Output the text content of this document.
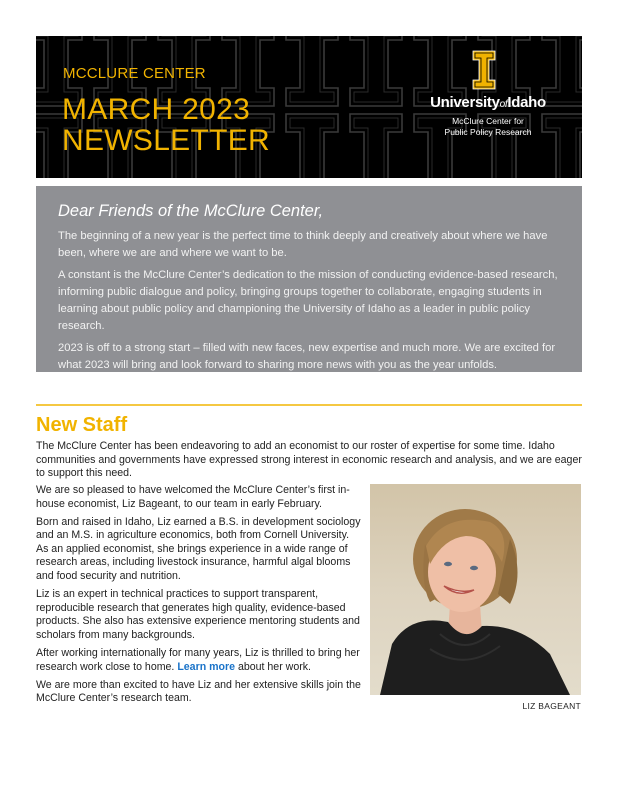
MCCLURE CENTER
MARCH 2023
NEWSLETTER
UniversityofIdaho
McClure Center for
Public Policy Research
Dear Friends of the McClure Center,

The beginning of a new year is the perfect time to think deeply and creatively about where we have been, where we are and where we want to be.

A constant is the McClure Center’s dedication to the mission of conducting evidence-based research, informing public dialogue and policy, bringing groups together to collaborate, engaging students in learning about public policy and championing the University of Idaho as a leader in public policy research.

2023 is off to a strong start – filled with new faces, new expertise and much more. We are excited for what 2023 will bring and look forward to sharing more news with you as the year unfolds.

New Staff
The McClure Center has been endeavoring to add an economist to our roster of expertise for some time. Idaho communities and governments have expressed strong interest in economic research and analysis, and we are eager to support this need.

We are so pleased to have welcomed the McClure Center’s first in-house economist, Liz Bageant, to our team in early February.

Born and raised in Idaho, Liz earned a B.S. in development sociology and an M.S. in agriculture economics, both from Cornell University. As an applied economist, she brings experience in a wide range of research areas, including livestock insurance, harmful algal blooms and food security and nutrition.

Liz is an expert in technical practices to support transparent, reproducible research that generates high quality, evidence-based products. She also has extensive experience mentoring students and scholars from many backgrounds.

After working internationally for many years, Liz is thrilled to bring her research work close to home. Learn more about her work.

We are more than excited to have Liz and her extensive skills join the McClure Center’s research team.

LIZ BAGEANT
